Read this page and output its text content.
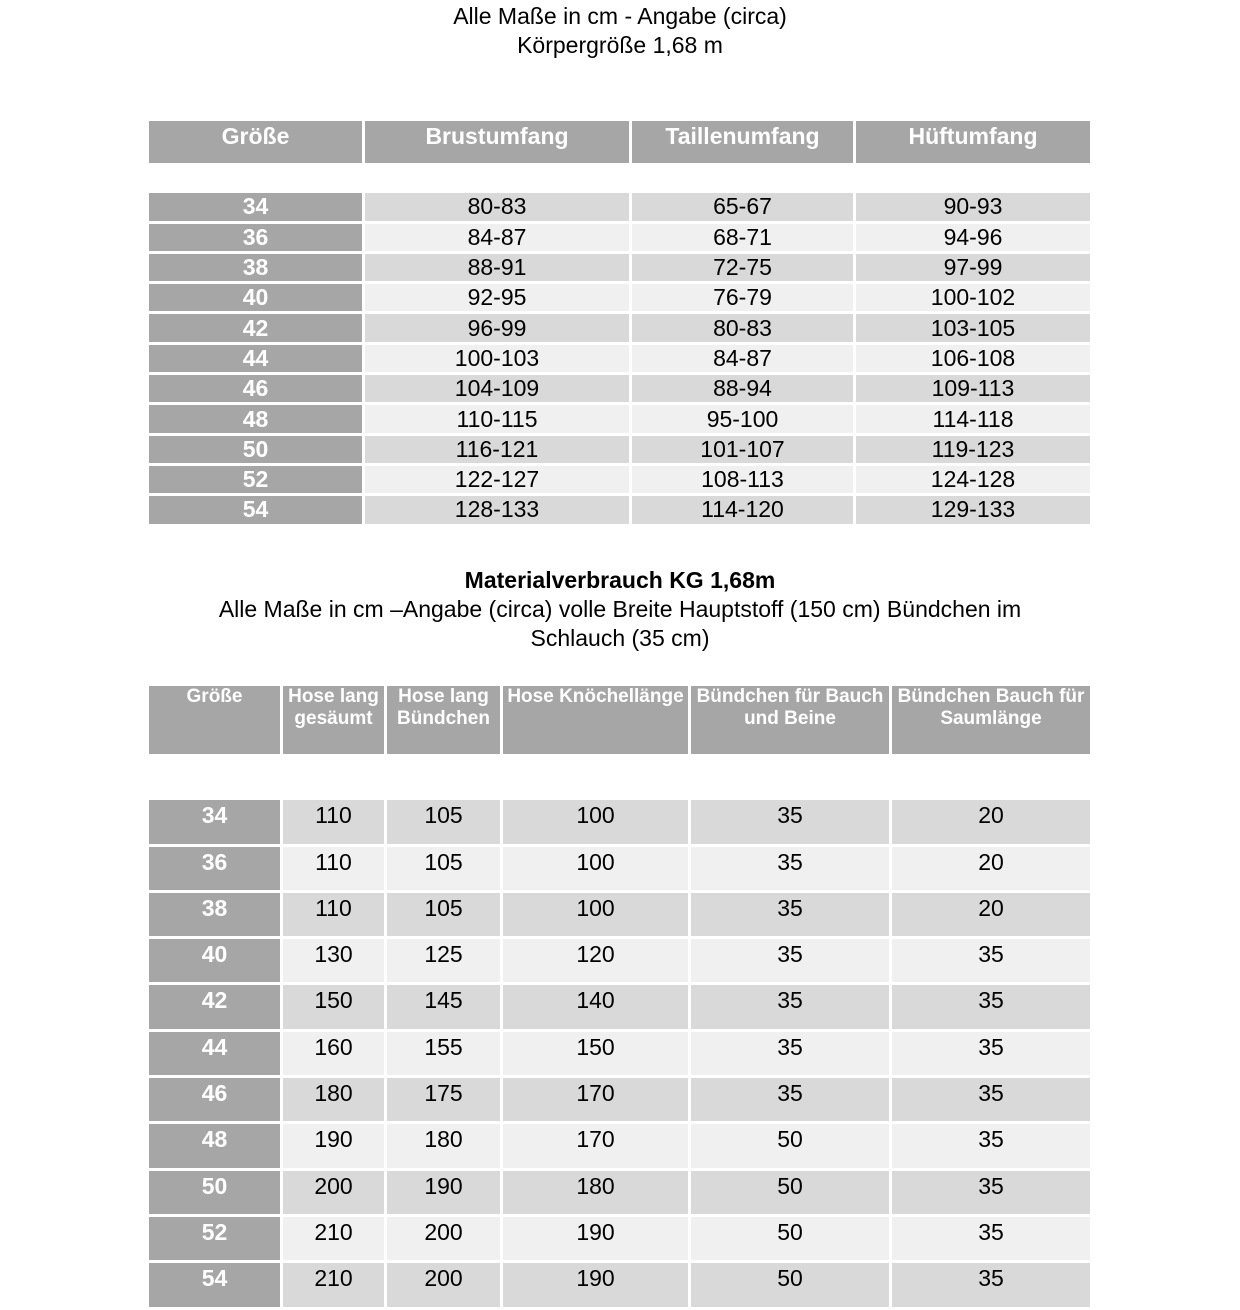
Alle Maße in cm - Angabe (circa)
Körpergröße 1,68 m
Größe	Brustumfang	Taillenumfang	Hüftumfang

34	80-83	65-67	90-93
36	84-87	68-71	94-96
38	88-91	72-75	97-99
40	92-95	76-79	100-102
42	96-99	80-83	103-105
44	100-103	84-87	106-108
46	104-109	88-94	109-113
48	110-115	95-100	114-118
50	116-121	101-107	119-123
52	122-127	108-113	124-128
54	128-133	114-120	129-133
Materialverbrauch KG 1,68m
Alle Maße in cm –Angabe (circa) volle Breite Hauptstoff (150 cm) Bündchen im
Schlauch (35 cm)
Größe	Hose lang gesäumt	Hose lang Bündchen	Hose Knöchellänge	Bündchen für Bauch und Beine	Bündchen Bauch für Saumlänge

34	110	105	100	35	20
36	110	105	100	35	20
38	110	105	100	35	20
40	130	125	120	35	35
42	150	145	140	35	35
44	160	155	150	35	35
46	180	175	170	35	35
48	190	180	170	50	35
50	200	190	180	50	35
52	210	200	190	50	35
54	210	200	190	50	35
